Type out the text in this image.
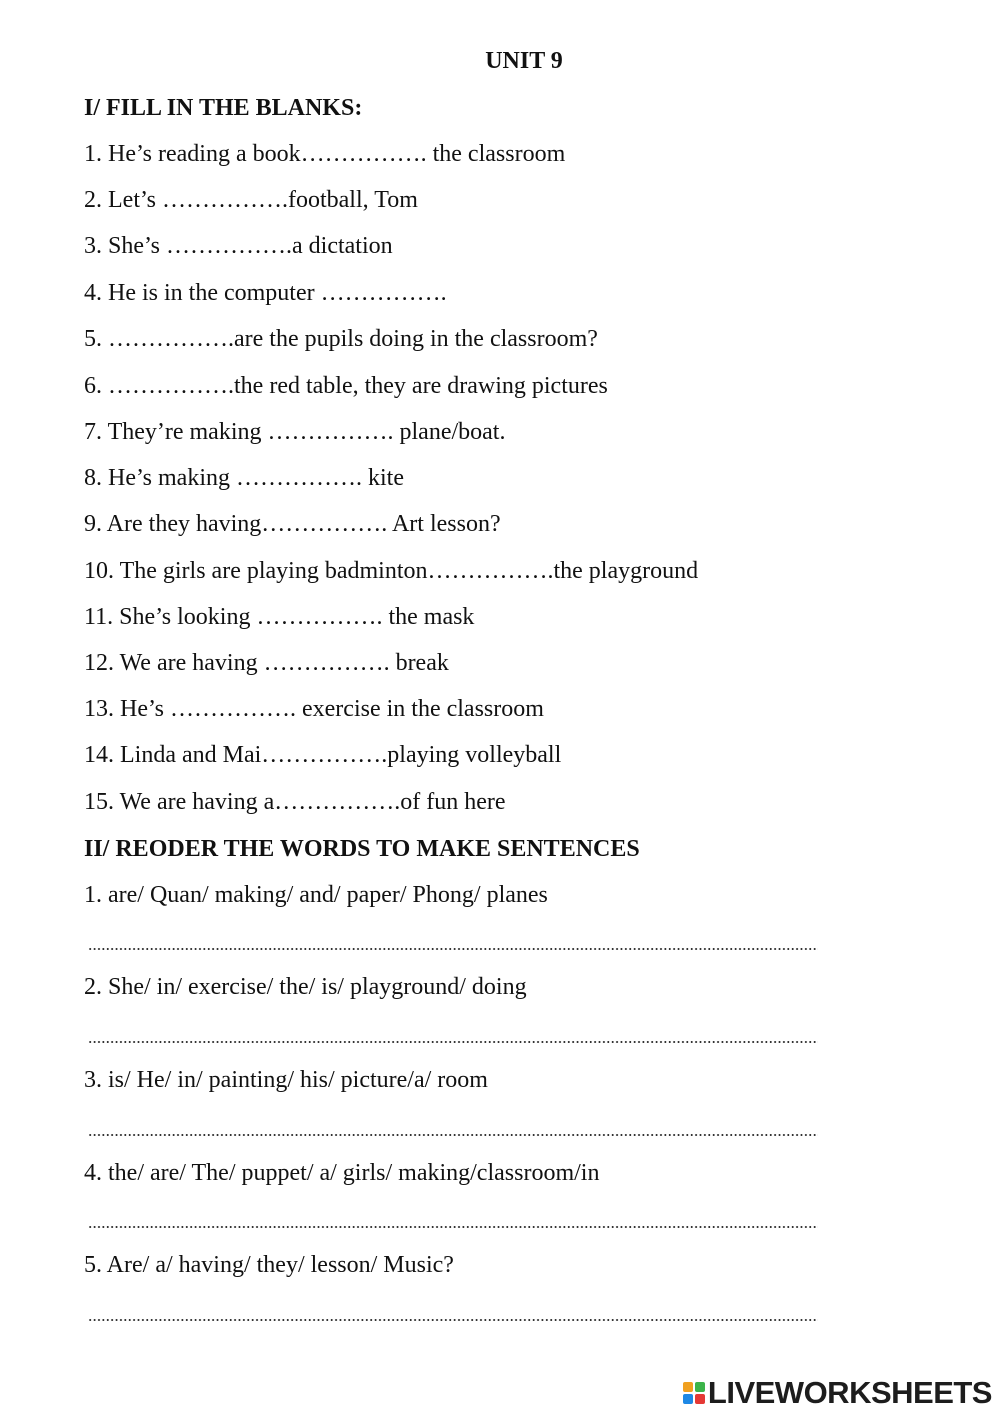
UNIT 9
I/ FILL IN THE BLANKS:
1. He’s reading a book……………. the classroom
2. Let’s …………….football, Tom
3. She’s …………….a dictation
4. He is in the computer …………….
5. …………….are the pupils doing in the classroom?
6. …………….the red table, they are drawing pictures
7. They’re making ……………. plane/boat.
8. He’s making ……………. kite
9. Are they having……………. Art lesson?
10. The girls are playing badminton…………….the playground
11. She’s looking ……………. the mask
12. We are having ……………. break
13. He’s ……………. exercise in the classroom
14. Linda and Mai…………….playing volleyball
15. We are having a…………….of fun here
II/ REODER THE WORDS TO MAKE SENTENCES
1. are/ Quan/ making/ and/ paper/ Phong/ planes
2. She/ in/ exercise/ the/ is/ playground/ doing
3. is/ He/ in/ painting/ his/ picture/a/ room
4. the/ are/ The/ puppet/ a/ girls/ making/classroom/in
5. Are/ a/ having/ they/ lesson/ Music?
LIVEWORKSHEETS
